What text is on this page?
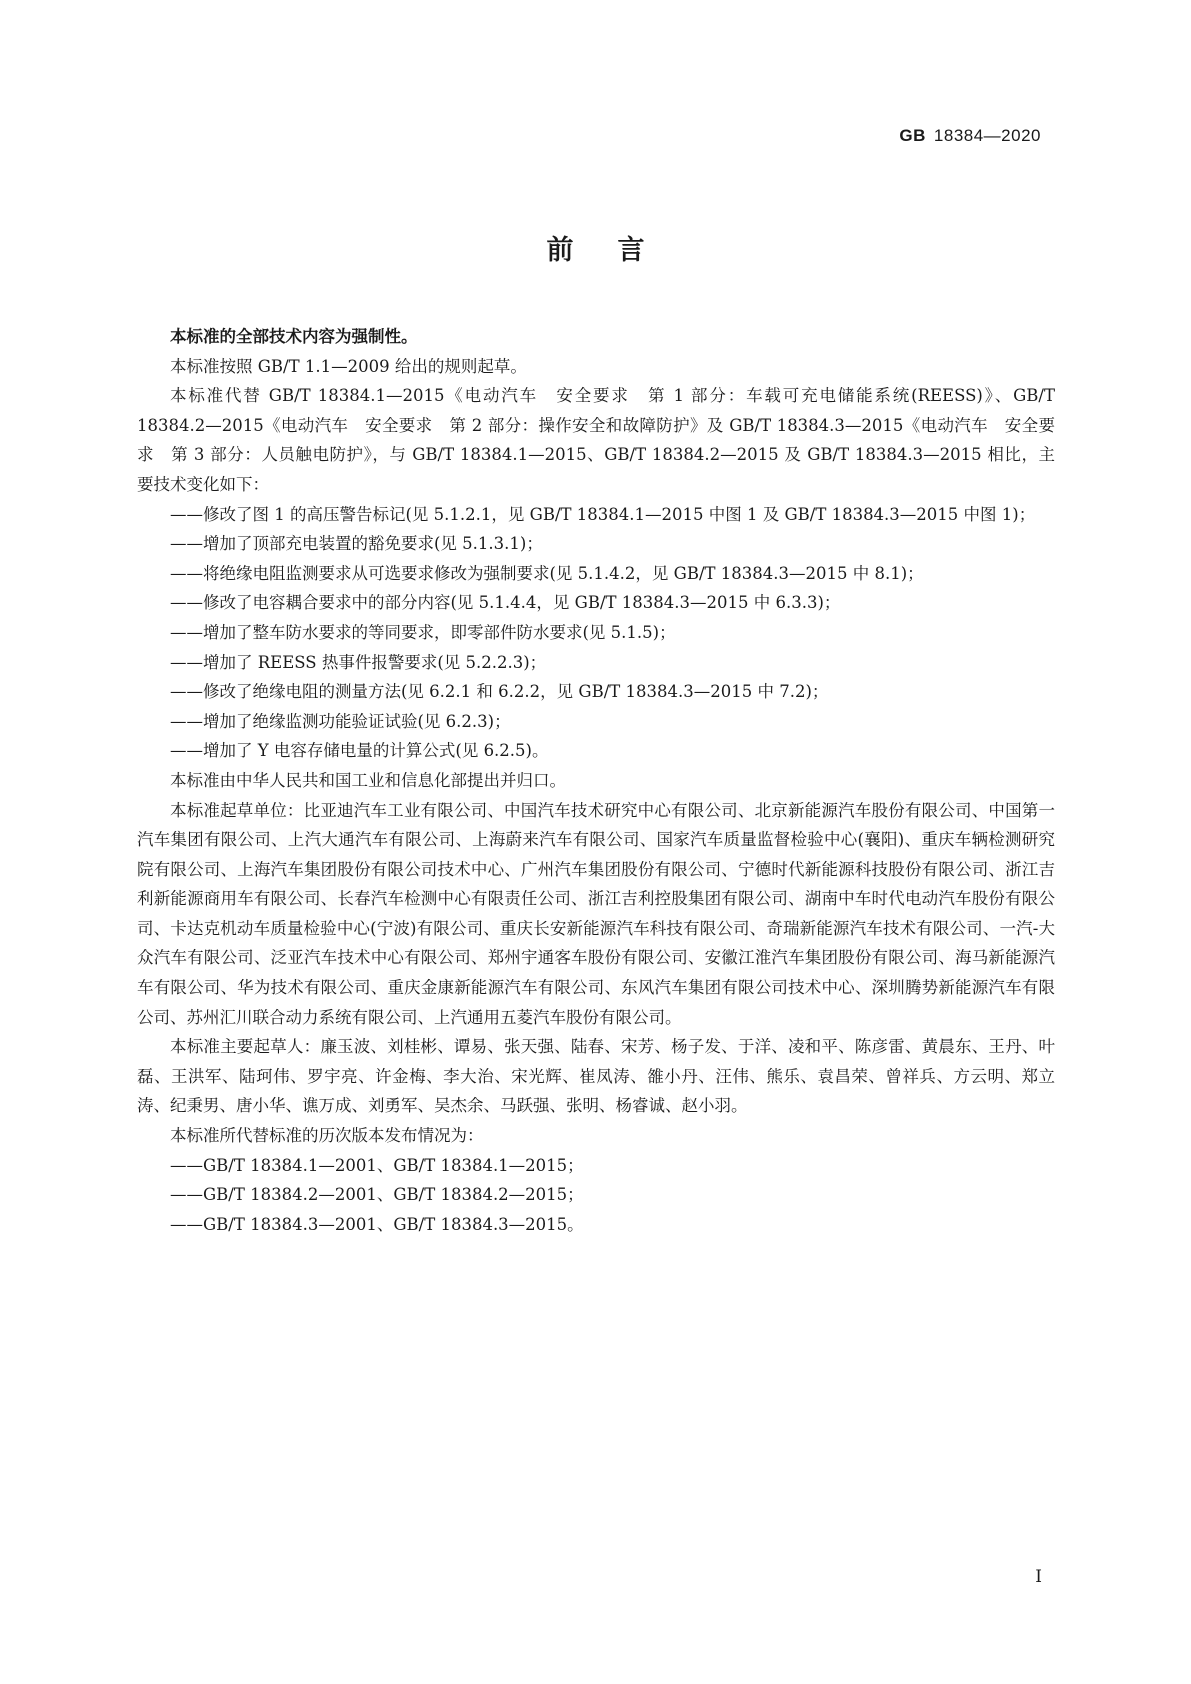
GB 18384—2020
前言

本标准的全部技术内容为强制性。

本标准按照 GB/T 1.1—2009 给出的规则起草。

本标准代替 GB/T 18384.1—2015《电动汽车　安全要求　第 1 部分：车载可充电储能系统(REESS)》、GB/T 18384.2—2015《电动汽车　安全要求　第 2 部分：操作安全和故障防护》及 GB/T 18384.3—2015《电动汽车　安全要求　第 3 部分：人员触电防护》，与 GB/T 18384.1—2015、GB/T 18384.2—2015 及 GB/T 18384.3—2015 相比，主要技术变化如下：

——修改了图 1 的高压警告标记(见 5.1.2.1，见 GB/T 18384.1—2015 中图 1 及 GB/T 18384.3—2015 中图 1)；

——增加了顶部充电装置的豁免要求(见 5.1.3.1)；

——将绝缘电阻监测要求从可选要求修改为强制要求(见 5.1.4.2，见 GB/T 18384.3—2015 中 8.1)；

——修改了电容耦合要求中的部分内容(见 5.1.4.4，见 GB/T 18384.3—2015 中 6.3.3)；

——增加了整车防水要求的等同要求，即零部件防水要求(见 5.1.5)；

——增加了 REESS 热事件报警要求(见 5.2.2.3)；

——修改了绝缘电阻的测量方法(见 6.2.1 和 6.2.2，见 GB/T 18384.3—2015 中 7.2)；

——增加了绝缘监测功能验证试验(见 6.2.3)；

——增加了 Y 电容存储电量的计算公式(见 6.2.5)。

本标准由中华人民共和国工业和信息化部提出并归口。

本标准起草单位：比亚迪汽车工业有限公司、中国汽车技术研究中心有限公司、北京新能源汽车股份有限公司、中国第一汽车集团有限公司、上汽大通汽车有限公司、上海蔚来汽车有限公司、国家汽车质量监督检验中心(襄阳)、重庆车辆检测研究院有限公司、上海汽车集团股份有限公司技术中心、广州汽车集团股份有限公司、宁德时代新能源科技股份有限公司、浙江吉利新能源商用车有限公司、长春汽车检测中心有限责任公司、浙江吉利控股集团有限公司、湖南中车时代电动汽车股份有限公司、卡达克机动车质量检验中心(宁波)有限公司、重庆长安新能源汽车科技有限公司、奇瑞新能源汽车技术有限公司、一汽-大众汽车有限公司、泛亚汽车技术中心有限公司、郑州宇通客车股份有限公司、安徽江淮汽车集团股份有限公司、海马新能源汽车有限公司、华为技术有限公司、重庆金康新能源汽车有限公司、东风汽车集团有限公司技术中心、深圳腾势新能源汽车有限公司、苏州汇川联合动力系统有限公司、上汽通用五菱汽车股份有限公司。

本标准主要起草人：廉玉波、刘桂彬、谭易、张天强、陆春、宋芳、杨子发、于洋、凌和平、陈彦雷、黄晨东、王丹、叶磊、王洪军、陆珂伟、罗宇亮、许金梅、李大治、宋光辉、崔凤涛、雒小丹、汪伟、熊乐、袁昌荣、曾祥兵、方云明、郑立涛、纪秉男、唐小华、谯万成、刘勇军、吴杰余、马跃强、张明、杨睿诚、赵小羽。

本标准所代替标准的历次版本发布情况为：

——GB/T 18384.1—2001、GB/T 18384.1—2015；

——GB/T 18384.2—2001、GB/T 18384.2—2015；

——GB/T 18384.3—2001、GB/T 18384.3—2015。

I
